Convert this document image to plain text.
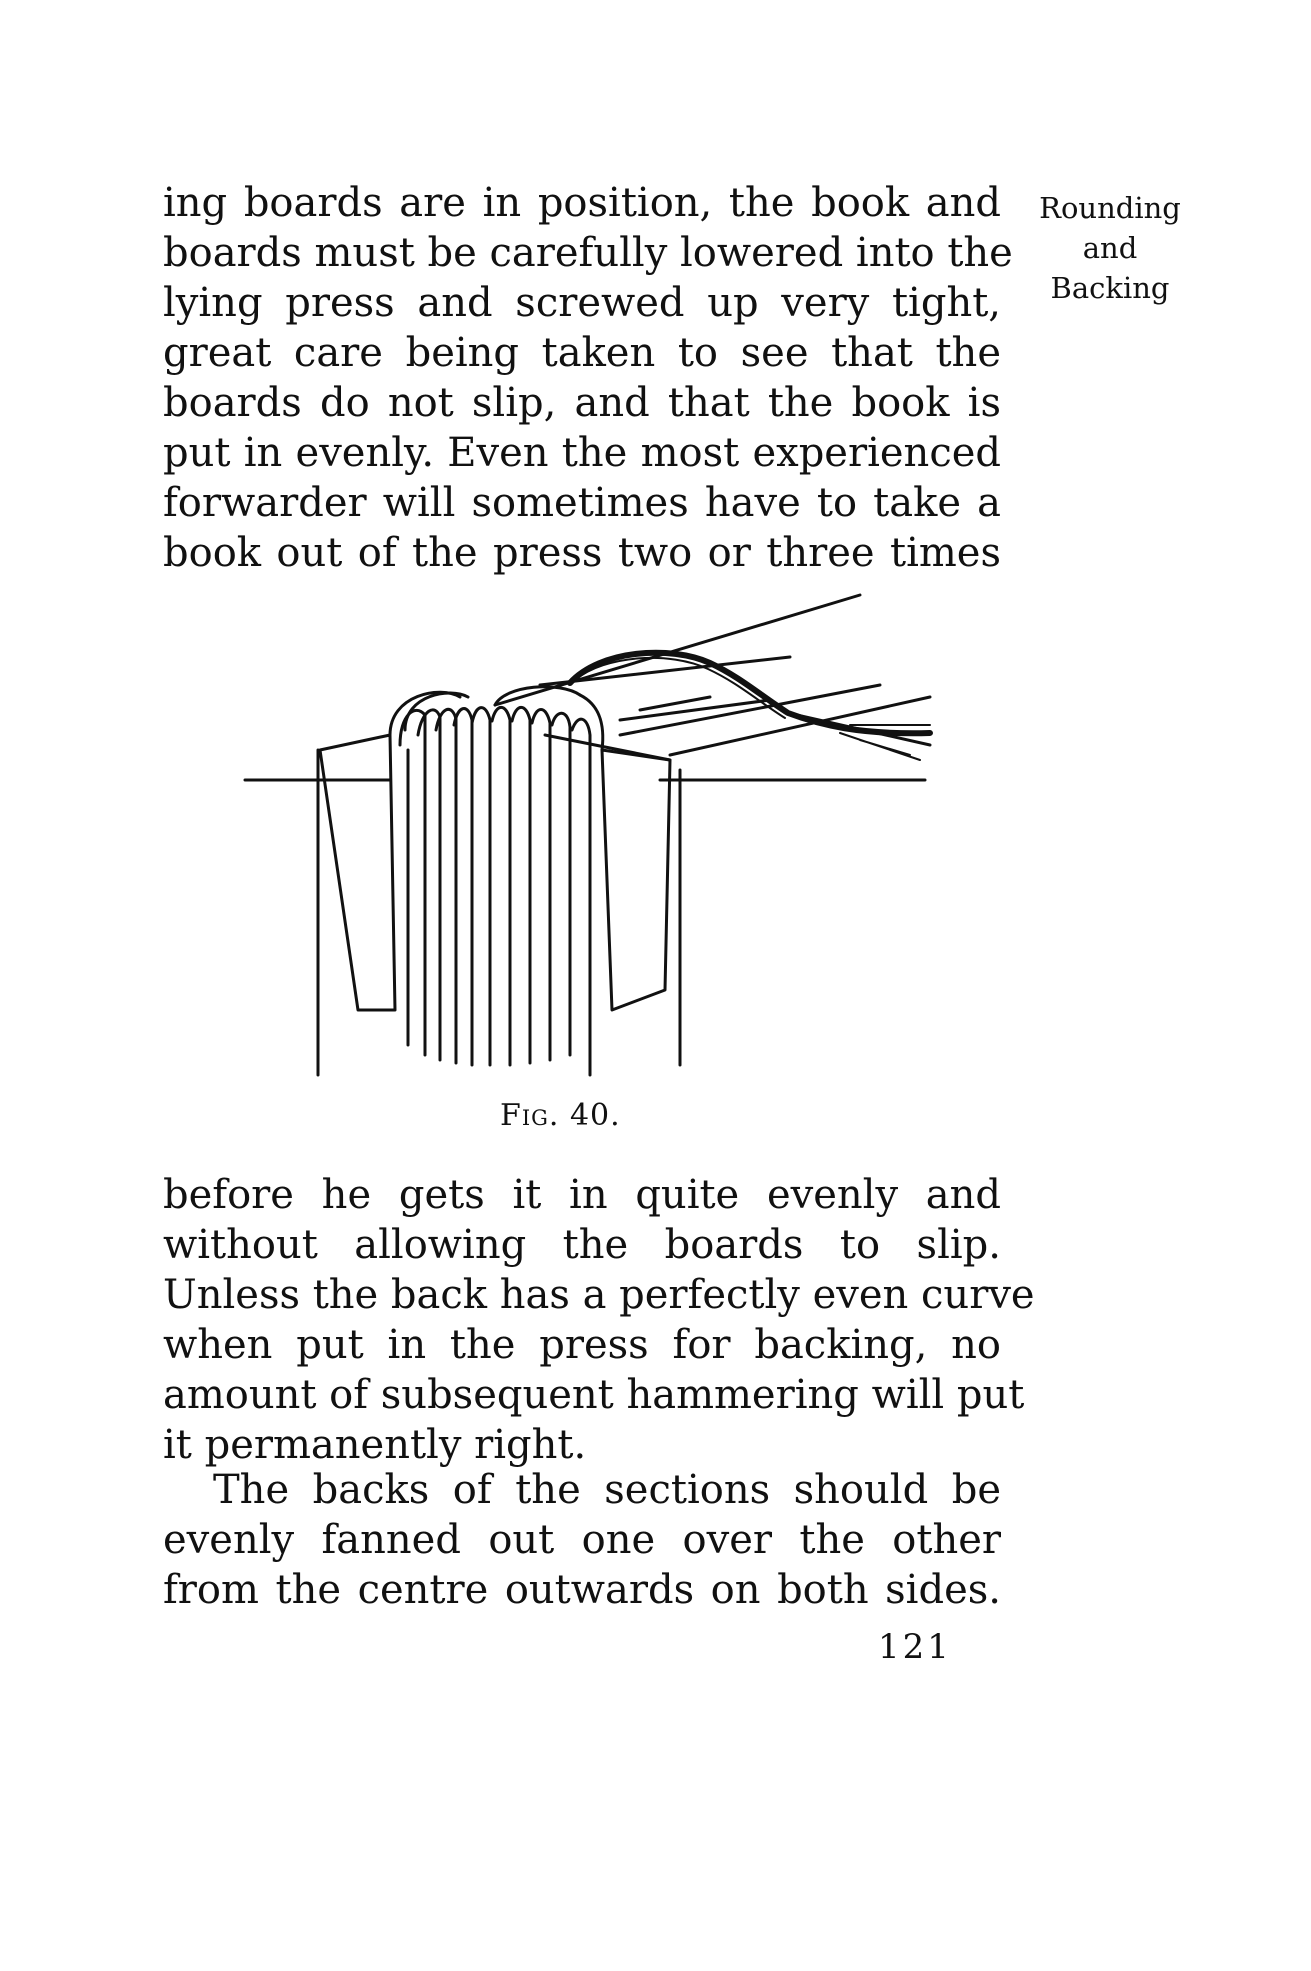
ing boards are in position, the book and
boards must be carefully lowered into the
lying press and screwed up very tight,
great care being taken to see that the
boards do not slip, and that the book is
put in evenly. Even the most experienced
forwarder will sometimes have to take a
book out of the press two or three times
Rounding
and
Backing
Fig. 40.
before he gets it in quite evenly and
without allowing the boards to slip.
Unless the back has a perfectly even curve
when put in the press for backing, no
amount of subsequent hammering will put
it permanently right.
The backs of the sections should be
evenly fanned out one over the other
from the centre outwards on both sides.
121
